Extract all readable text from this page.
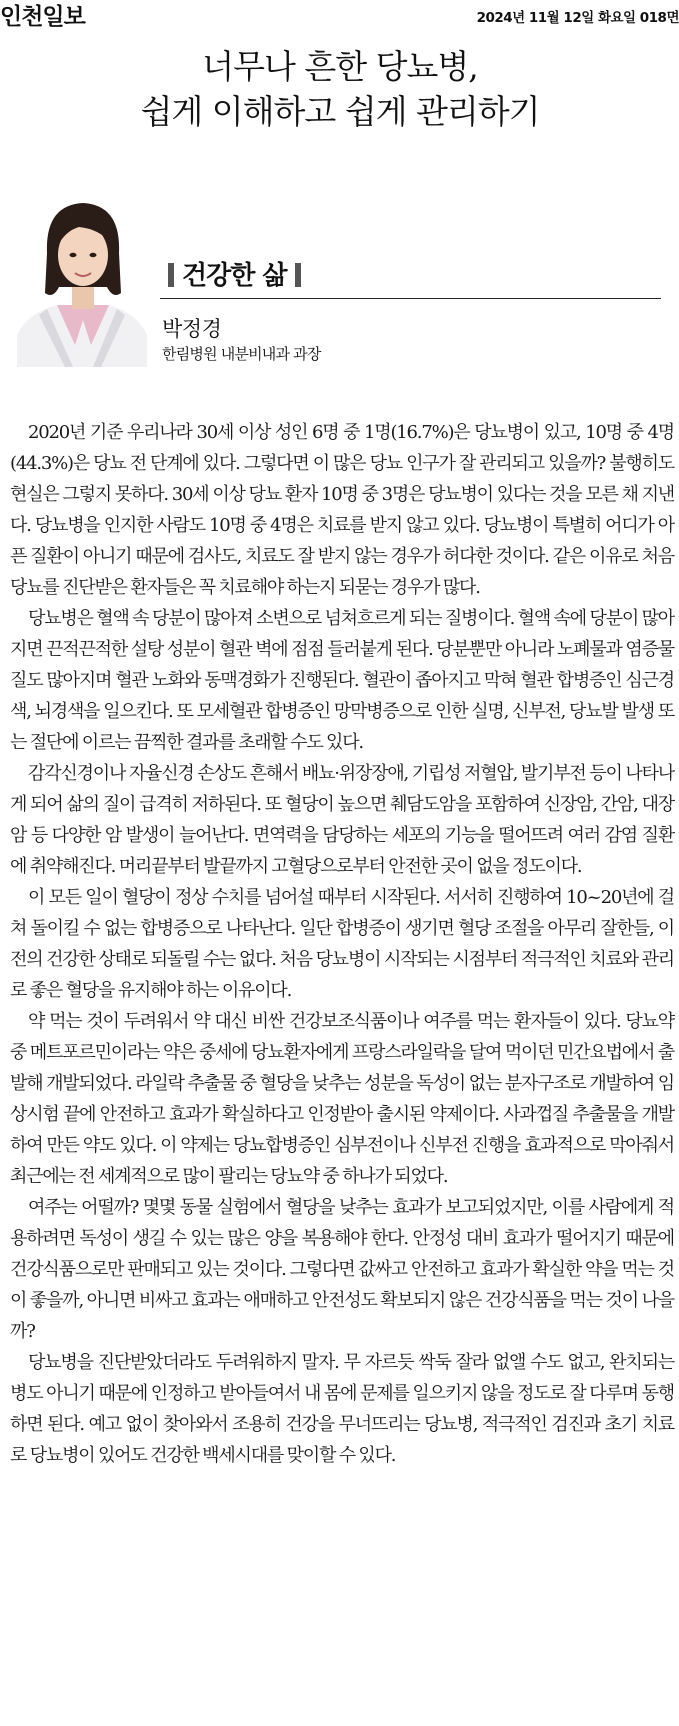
인천일보	2024년 11월 12일 화요일 018면
너무나 흔한 당뇨병,
쉽게 이해하고 쉽게 관리하기
건강한 삶
박정경
한림병원 내분비내과 과장

2020년 기준 우리나라 30세 이상 성인 6명 중 1명(16.7%)은 당뇨병이 있고, 10명 중 4명(44.3%)은 당뇨 전 단계에 있다. 그렇다면 이 많은 당뇨 인구가 잘 관리되고 있을까? 불행히도 현실은 그렇지 못하다. 30세 이상 당뇨 환자 10명 중 3명은 당뇨병이 있다는 것을 모른 채 지낸다. 당뇨병을 인지한 사람도 10명 중 4명은 치료를 받지 않고 있다. 당뇨병이 특별히 어디가 아픈 질환이 아니기 때문에 검사도, 치료도 잘 받지 않는 경우가 허다한 것이다. 같은 이유로 처음 당뇨를 진단받은 환자들은 꼭 치료해야 하는지 되묻는 경우가 많다.

당뇨병은 혈액 속 당분이 많아져 소변으로 넘쳐흐르게 되는 질병이다. 혈액 속에 당분이 많아지면 끈적끈적한 설탕 성분이 혈관 벽에 점점 들러붙게 된다. 당분뿐만 아니라 노폐물과 염증물질도 많아지며 혈관 노화와 동맥경화가 진행된다. 혈관이 좁아지고 막혀 혈관 합병증인 심근경색, 뇌경색을 일으킨다. 또 모세혈관 합병증인 망막병증으로 인한 실명, 신부전, 당뇨발 발생 또는 절단에 이르는 끔찍한 결과를 초래할 수도 있다.

감각신경이나 자율신경 손상도 흔해서 배뇨·위장장애, 기립성 저혈압, 발기부전 등이 나타나게 되어 삶의 질이 급격히 저하된다. 또 혈당이 높으면 췌담도암을 포함하여 신장암, 간암, 대장암 등 다양한 암 발생이 늘어난다. 면역력을 담당하는 세포의 기능을 떨어뜨려 여러 감염 질환에 취약해진다. 머리끝부터 발끝까지 고혈당으로부터 안전한 곳이 없을 정도이다.

이 모든 일이 혈당이 정상 수치를 넘어설 때부터 시작된다. 서서히 진행하여 10~20년에 걸쳐 돌이킬 수 없는 합병증으로 나타난다. 일단 합병증이 생기면 혈당 조절을 아무리 잘한들, 이전의 건강한 상태로 되돌릴 수는 없다. 처음 당뇨병이 시작되는 시점부터 적극적인 치료와 관리로 좋은 혈당을 유지해야 하는 이유이다.

약 먹는 것이 두려워서 약 대신 비싼 건강보조식품이나 여주를 먹는 환자들이 있다. 당뇨약 중 메트포르민이라는 약은 중세에 당뇨환자에게 프랑스라일락을 달여 먹이던 민간요법에서 출발해 개발되었다. 라일락 추출물 중 혈당을 낮추는 성분을 독성이 없는 분자구조로 개발하여 임상시험 끝에 안전하고 효과가 확실하다고 인정받아 출시된 약제이다. 사과껍질 추출물을 개발하여 만든 약도 있다. 이 약제는 당뇨합병증인 심부전이나 신부전 진행을 효과적으로 막아줘서 최근에는 전 세계적으로 많이 팔리는 당뇨약 중 하나가 되었다.

여주는 어떨까? 몇몇 동물 실험에서 혈당을 낮추는 효과가 보고되었지만, 이를 사람에게 적용하려면 독성이 생길 수 있는 많은 양을 복용해야 한다. 안정성 대비 효과가 떨어지기 때문에 건강식품으로만 판매되고 있는 것이다. 그렇다면 값싸고 안전하고 효과가 확실한 약을 먹는 것이 좋을까, 아니면 비싸고 효과는 애매하고 안전성도 확보되지 않은 건강식품을 먹는 것이 나을까?

당뇨병을 진단받았더라도 두려워하지 말자. 무 자르듯 싹둑 잘라 없앨 수도 없고, 완치되는 병도 아니기 때문에 인정하고 받아들여서 내 몸에 문제를 일으키지 않을 정도로 잘 다루며 동행하면 된다. 예고 없이 찾아와서 조용히 건강을 무너뜨리는 당뇨병, 적극적인 검진과 초기 치료로 당뇨병이 있어도 건강한 백세시대를 맞이할 수 있다.
